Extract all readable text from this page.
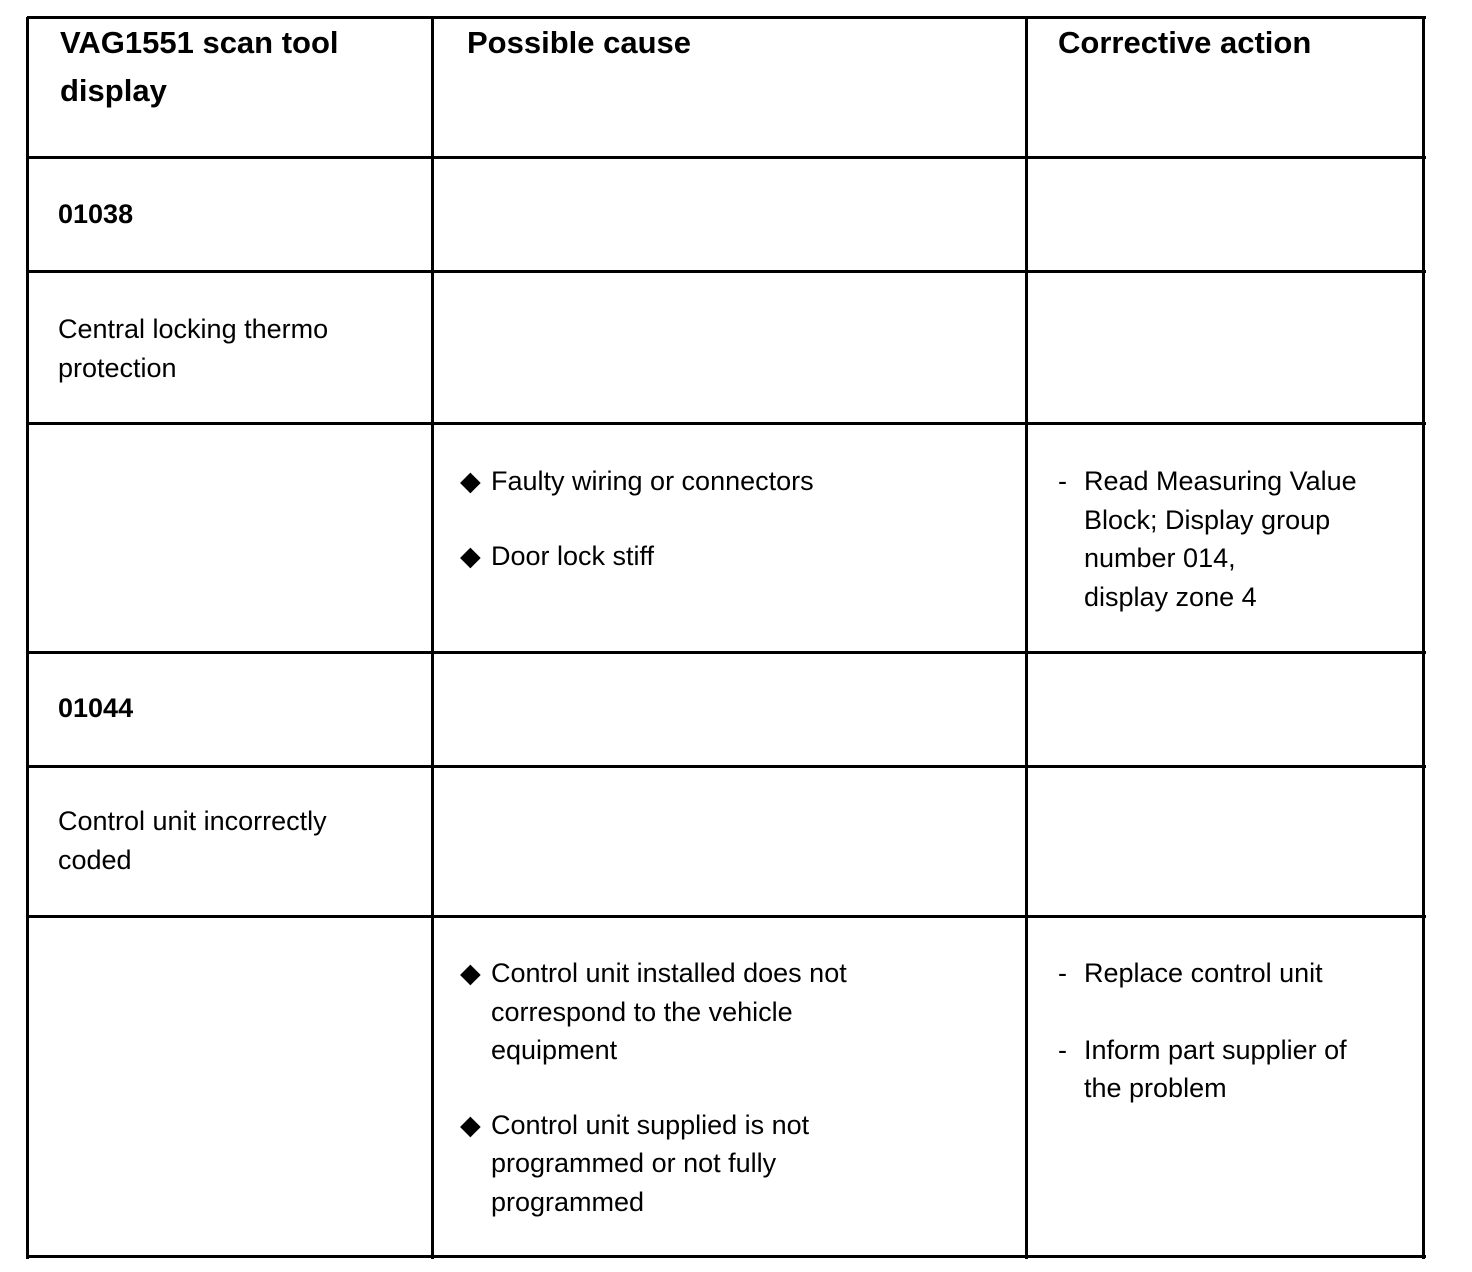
VAG1551 scan tool
display
Possible cause	Corrective action
01038
Central locking thermo
protection
◆ Faulty wiring or connectors
◆ Door lock stiff
- Read Measuring Value
Block; Display group
number 014,
display zone 4
01044
Control unit incorrectly
coded
◆ Control unit installed does not
correspond to the vehicle
equipment
◆ Control unit supplied is not
programmed or not fully
programmed
- Replace control unit
- Inform part supplier of
the problem
